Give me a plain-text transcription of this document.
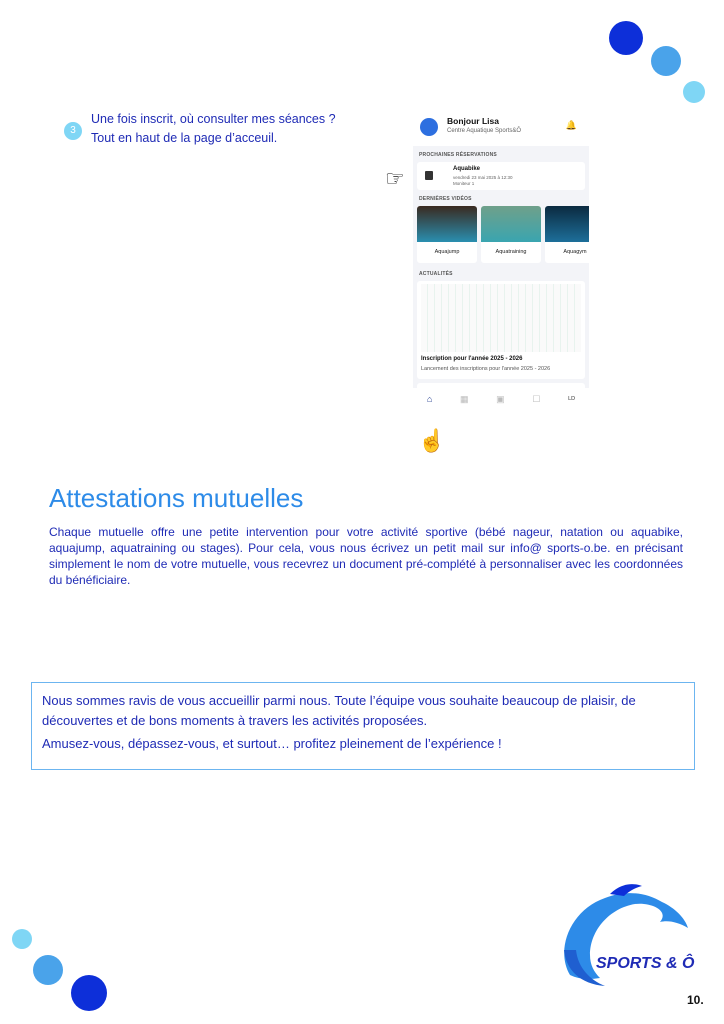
3
Une fois inscrit, où consulter mes séances ?
Tout en haut de la page d’acceuil.
Bonjour Lisa
Centre Aquatique Sports&Ô
🔔
PROCHAINES RÉSERVATIONS
Aquabike
vendredi 23 mai 2025 à 12:30
Moniteur 1
DERNIÈRES VIDÉOS
Aquajump	Aquatraining	Aquagym
ACTUALITÉS
Inscription pour l'année 2025 - 2026
Lancement des inscriptions pour l'année 2025 - 2026
⌂	▦	▣	☐	LD
☞
☝
Attestations mutuelles

Chaque mutuelle offre une petite intervention pour votre activité sportive (bébé nageur, natation ou aquabike, aquajump, aquatraining ou stages). Pour cela, vous nous écrivez un petit mail sur info@ sports-o.be. en précisant simplement le nom de votre mutuelle, vous recevrez un document pré-complété à personnaliser avec les coordonnées du bénéficiaire.

Nous sommes ravis de vous accueillir parmi nous. Toute l’équipe vous souhaite beaucoup de plaisir, de découvertes et de bons moments à travers les activités proposées.

Amusez-vous, dépassez-vous, et surtout… profitez pleinement de l’expérience !

SPORTS & Ô
10.
